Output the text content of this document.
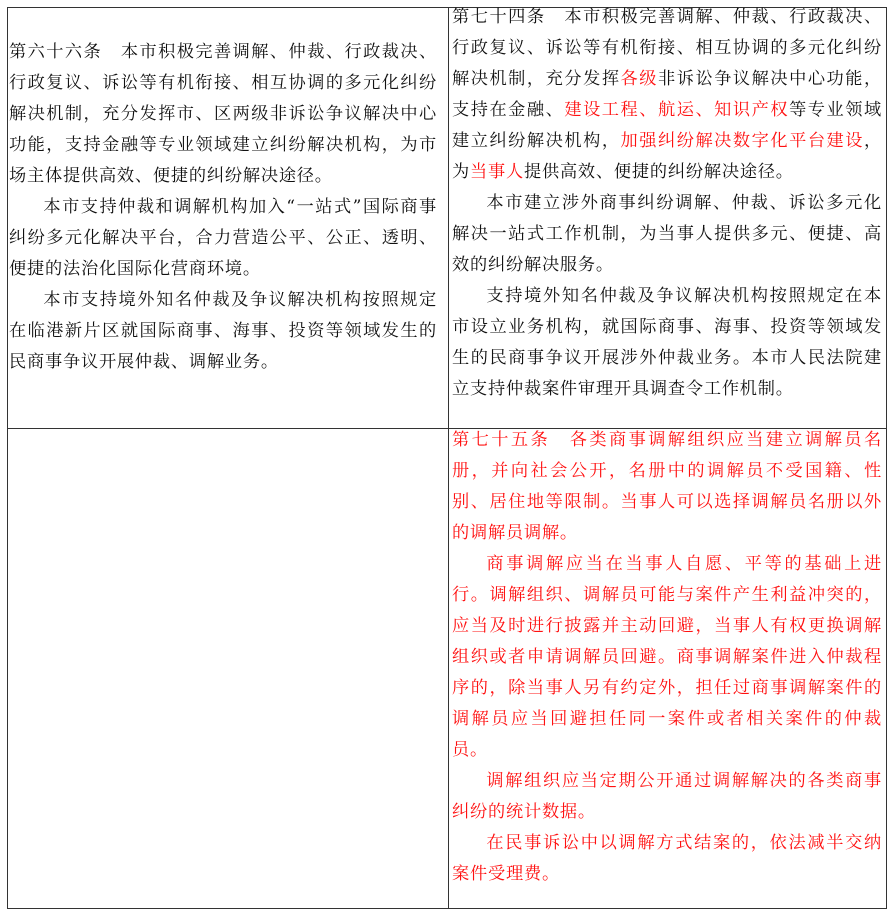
第六十六条　本市积极完善调解、仲裁、行政裁决、行政复议、诉讼等有机衔接、相互协调的多元化纠纷解决机制，充分发挥市、区两级非诉讼争议解决中心功能，支持金融等专业领域建立纠纷解决机构，为市场主体提供高效、便捷的纠纷解决途径。

本市支持仲裁和调解机构加入“一站式”国际商事纠纷多元化解决平台，合力营造公平、公正、透明、便捷的法治化国际化营商环境。

本市支持境外知名仲裁及争议解决机构按照规定在临港新片区就国际商事、海事、投资等领域发生的民商事争议开展仲裁、调解业务。

第七十四条　本市积极完善调解、仲裁、行政裁决、行政复议、诉讼等有机衔接、相互协调的多元化纠纷解决机制，充分发挥各级非诉讼争议解决中心功能，支持在金融、建设工程、航运、知识产权等专业领域建立纠纷解决机构，加强纠纷解决数字化平台建设，为当事人提供高效、便捷的纠纷解决途径。

本市建立涉外商事纠纷调解、仲裁、诉讼多元化解决一站式工作机制，为当事人提供多元、便捷、高效的纠纷解决服务。

支持境外知名仲裁及争议解决机构按照规定在本市设立业务机构，就国际商事、海事、投资等领域发生的民商事争议开展涉外仲裁业务。本市人民法院建立支持仲裁案件审理开具调查令工作机制。

第七十五条　各类商事调解组织应当建立调解员名册，并向社会公开，名册中的调解员不受国籍、性别、居住地等限制。当事人可以选择调解员名册以外的调解员调解。

商事调解应当在当事人自愿、平等的基础上进行。调解组织、调解员可能与案件产生利益冲突的，应当及时进行披露并主动回避，当事人有权更换调解组织或者申请调解员回避。商事调解案件进入仲裁程序的，除当事人另有约定外，担任过商事调解案件的调解员应当回避担任同一案件或者相关案件的仲裁员。

调解组织应当定期公开通过调解解决的各类商事纠纷的统计数据。

在民事诉讼中以调解方式结案的，依法减半交纳案件受理费。
